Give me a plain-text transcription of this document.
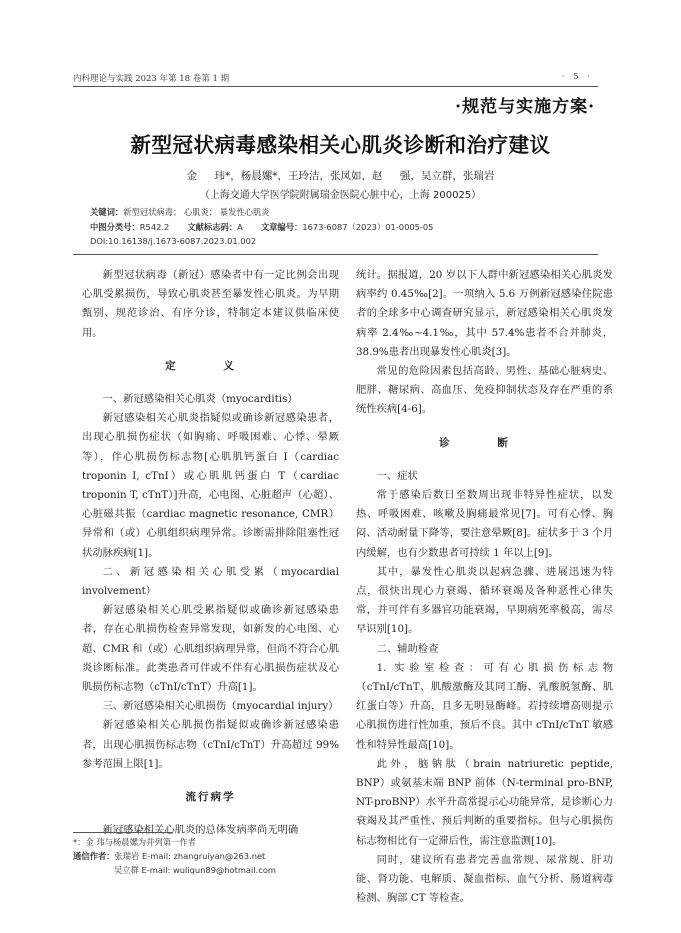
内科理论与实践 2023 年第 18 卷第 1 期	· 5 ·
·规范与实施方案·
新型冠状病毒感染相关心肌炎诊断和治疗建议
金 玮*，杨晨嫘*，王玲洁，张凤如，赵 强，吴立群，张瑞岩
（上海交通大学医学院附属瑞金医院心脏中心，上海 200025）
关键词：新型冠状病毒； 心肌炎； 暴发性心肌炎
中图分类号：R542.2 文献标志码：A 文章编号：1673-6087（2023）01-0005-05
DOI:10.16138/j.1673-6087.2023.01.002

新型冠状病毒（新冠）感染者中有一定比例会出现心肌受累损伤，导致心肌炎甚至暴发性心肌炎。为早期甄别、规范诊治、有序分诊，特制定本建议供临床使用。

定 义

一、新冠感染相关心肌炎（myocarditis）

新冠感染相关心肌炎指疑似或确诊新冠感染患者，出现心肌损伤症状（如胸痛、呼吸困难、心悸、晕厥等），伴心肌损伤标志物[心肌肌钙蛋白 I（cardiac troponin I, cTnI）或心肌肌钙蛋白 T（cardiac troponin T, cTnT）]升高，心电图、心脏超声（心超）、心脏磁共振（cardiac magnetic resonance, CMR）异常和（或）心肌组织病理异常。诊断需排除阻塞性冠状动脉疾病[1]。

二、新冠感染相关心肌受累（myocardial involvement）

新冠感染相关心肌受累指疑似或确诊新冠感染患者，存在心肌损伤检查异常发现，如新发的心电图、心超、CMR 和（或）心肌组织病理异常，但尚不符合心肌炎诊断标准。此类患者可伴或不伴有心肌损伤症状及心肌损伤标志物（cTnI/cTnT）升高[1]。

三、新冠感染相关心肌损伤（myocardial injury）

新冠感染相关心肌损伤指疑似或确诊新冠感染患者，出现心肌损伤标志物（cTnI/cTnT）升高超过 99%参考范围上限[1]。

流行病学

新冠感染相关心肌炎的总体发病率尚无明确

统计。据报道，20 岁以下人群中新冠感染相关心肌炎发病率约 0.45‰[2]。一项纳入 5.6 万例新冠感染住院患者的全球多中心调查研究显示，新冠感染相关心肌炎发病率 2.4‰~4.1‰，其中 57.4%患者不合并肺炎，38.9%患者出现暴发性心肌炎[3]。

常见的危险因素包括高龄、男性、基础心脏病史、肥胖、糖尿病、高血压、免疫抑制状态及存在严重的系统性疾病[4-6]。

诊 断

一、症状

常于感染后数日至数周出现非特异性症状，以发热、呼吸困难、咳嗽及胸痛最常见[7]。可有心悸、胸闷、活动耐量下降等，要注意晕厥[8]。症状多于 3 个月内缓解，也有少数患者可持续 1 年以上[9]。

其中，暴发性心肌炎以起病急骤、进展迅速为特点，很快出现心力衰竭、循环衰竭及各种恶性心律失常，并可伴有多器官功能衰竭，早期病死率极高，需尽早识别[10]。

二、辅助检查

1. 实验室检查：可有心肌损伤标志物（cTnI/cTnT、肌酸激酶及其同工酶、乳酸脱氢酶、肌红蛋白等）升高，且多无明显酶峰。若持续增高则提示心肌损伤进行性加重，预后不良。其中 cTnI/cTnT 敏感性和特异性最高[10]。

此外，脑钠肽（brain natriuretic peptide, BNP）或氨基末端 BNP 前体（N-terminal pro-BNP, NT-proBNP）水平升高常提示心功能异常，是诊断心力衰竭及其严重性、预后判断的重要指标。但与心肌损伤标志物相比有一定滞后性，需注意监测[10]。

同时，建议所有患者完善血常规、尿常规、肝功能、肾功能、电解质、凝血指标、血气分析、肠道病毒检测、胸部 CT 等检查。

*：金 玮与杨晨嫘为并列第一作者
通信作者：张瑞岩 E-mail: zhangruiyan@263.net
吴立群 E-mail: wuliqun89@hotmail.com
